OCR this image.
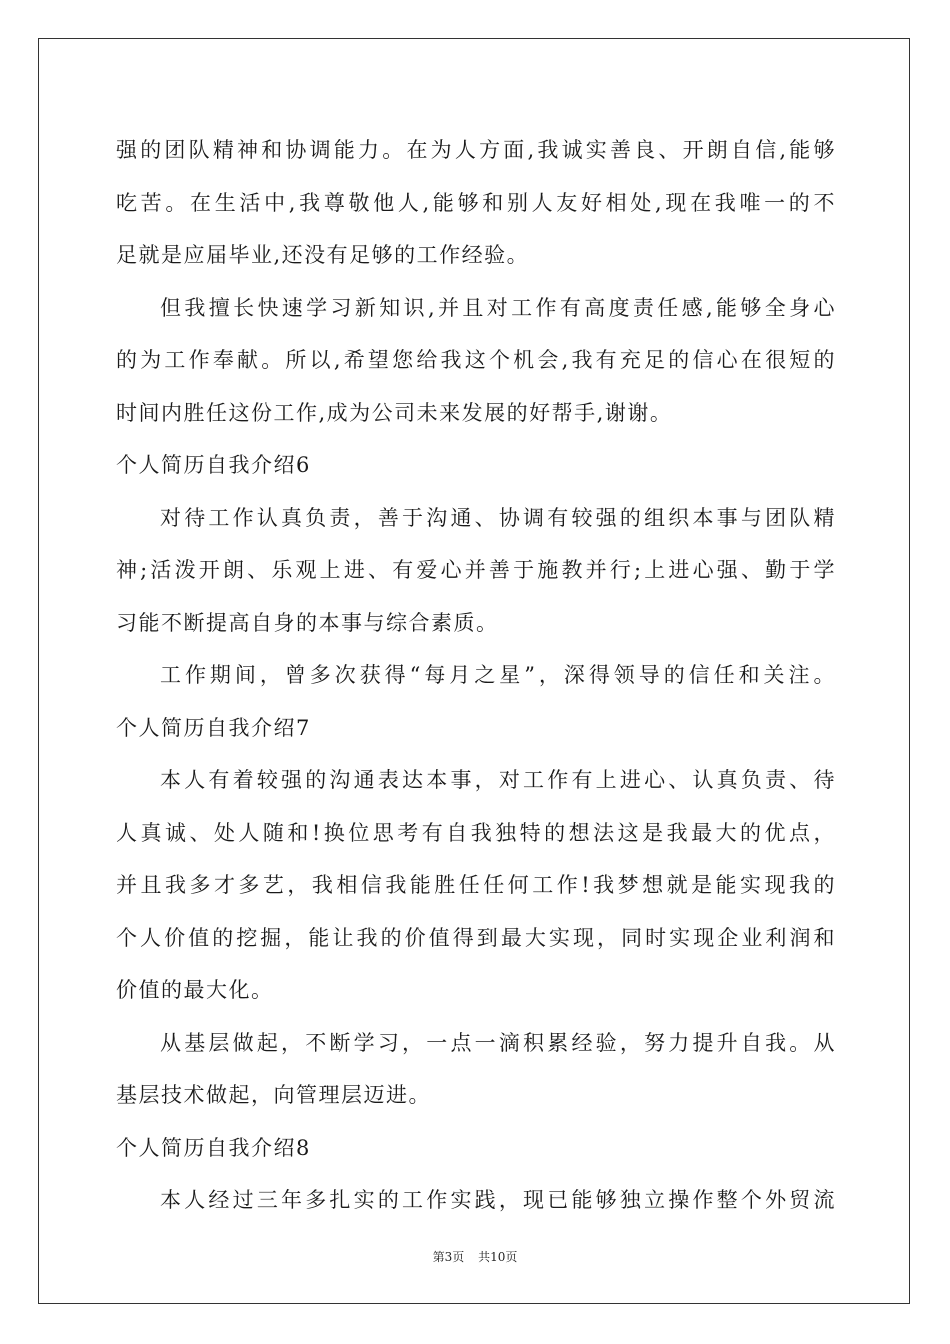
强的团队精神和协调能力。在为人方面,我诚实善良、开朗自信,能够
吃苦。在生活中,我尊敬他人,能够和别人友好相处,现在我唯一的不
足就是应届毕业,还没有足够的工作经验。
但我擅长快速学习新知识,并且对工作有高度责任感,能够全身心
的为工作奉献。所以,希望您给我这个机会,我有充足的信心在很短的
时间内胜任这份工作,成为公司未来发展的好帮手,谢谢。
个人简历自我介绍6
对待工作认真负责，善于沟通、协调有较强的组织本事与团队精
神;活泼开朗、乐观上进、有爱心并善于施教并行;上进心强、勤于学
习能不断提高自身的本事与综合素质。
工作期间，曾多次获得“每月之星”，深得领导的信任和关注。
个人简历自我介绍7
本人有着较强的沟通表达本事，对工作有上进心、认真负责、待
人真诚、处人随和!换位思考有自我独特的想法这是我最大的优点，
并且我多才多艺，我相信我能胜任任何工作!我梦想就是能实现我的
个人价值的挖掘，能让我的价值得到最大实现，同时实现企业利润和
价值的最大化。
从基层做起，不断学习，一点一滴积累经验，努力提升自我。从
基层技术做起，向管理层迈进。
个人简历自我介绍8
本人经过三年多扎实的工作实践，现已能够独立操作整个外贸流
第3页 共10页
